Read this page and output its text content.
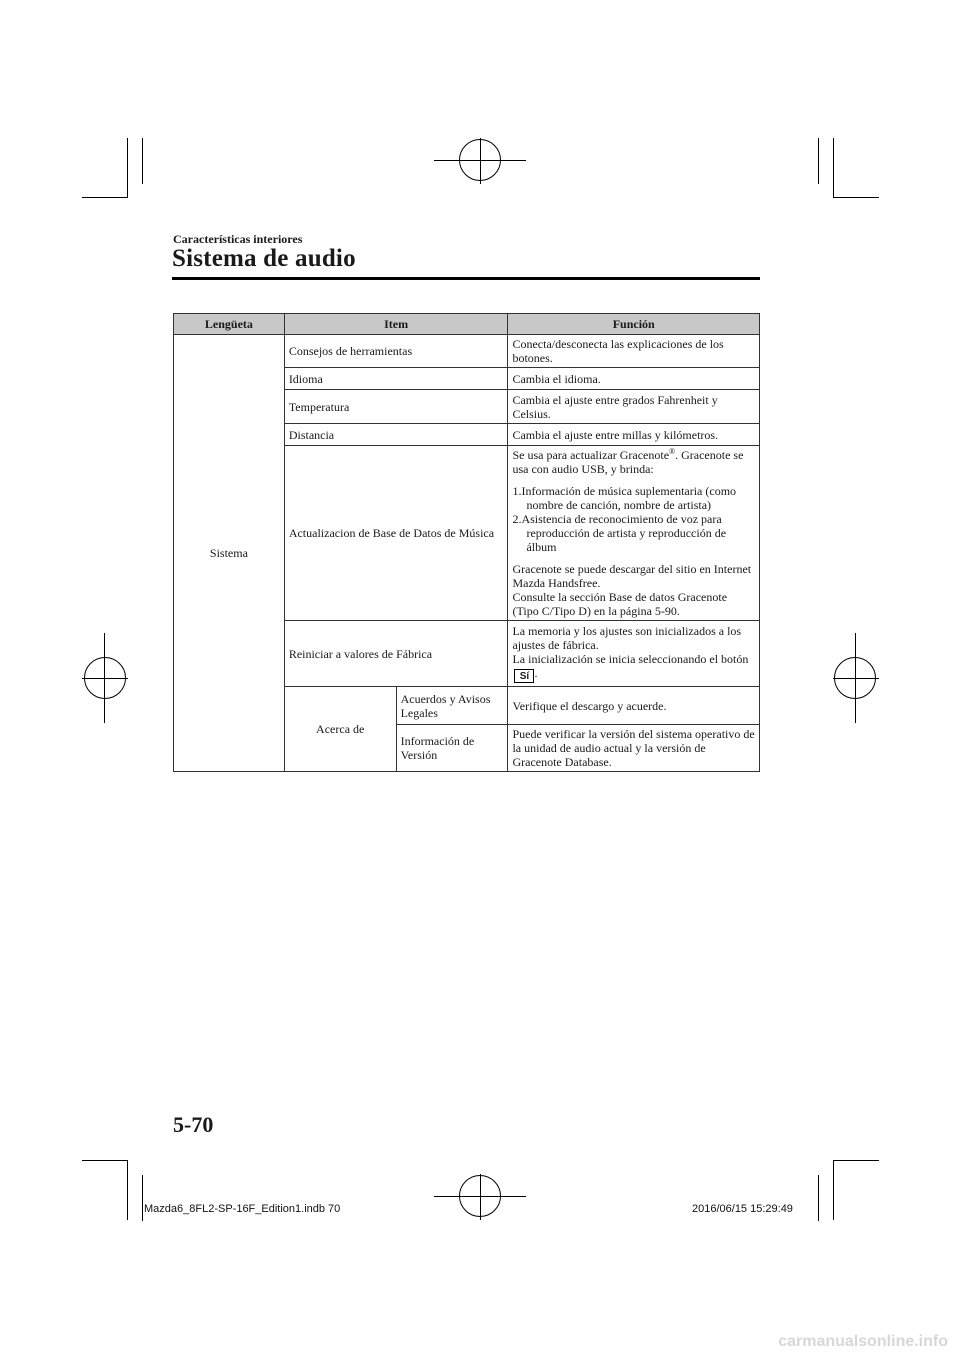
Características interiores
Sistema de audio
Lengüeta	Item		Función
Sistema	Consejos de herramientas		Conecta/desconecta las explicaciones de los botones.
	Idioma		Cambia el idioma.
	Temperatura		Cambia el ajuste entre grados Fahrenheit y Celsius.
	Distancia		Cambia el ajuste entre millas y kilómetros.
	Actualizacion de Base de Datos de Música		Se usa para actualizar Gracenote®. Gracenote se usa con audio USB, y brinda:

1.Información de música suplementaria (como nombre de canción, nombre de artista)

2.Asistencia de reconocimiento de voz para reproducción de artista y reproducción de álbum

Gracenote se puede descargar del sitio en Internet Mazda Handsfree.

Consulte la sección Base de datos Gracenote (Tipo C/Tipo D) en la página 5-90.

	Reiniciar a valores de Fábrica		La memoria y los ajustes son inicializados a los ajustes de fábrica.

La inicialización se inicia seleccionando el botón Sí .

	Acerca de	Acuerdos y Avisos Legales	Verifique el descargo y acuerde.
		Información de Versión	Puede verificar la versión del sistema operativo de la unidad de audio actual y la versión de Gracenote Database.
5-70
Mazda6_8FL2-SP-16F_Edition1.indb 70	2016/06/15 15:29:49
carmanualsonline.info
